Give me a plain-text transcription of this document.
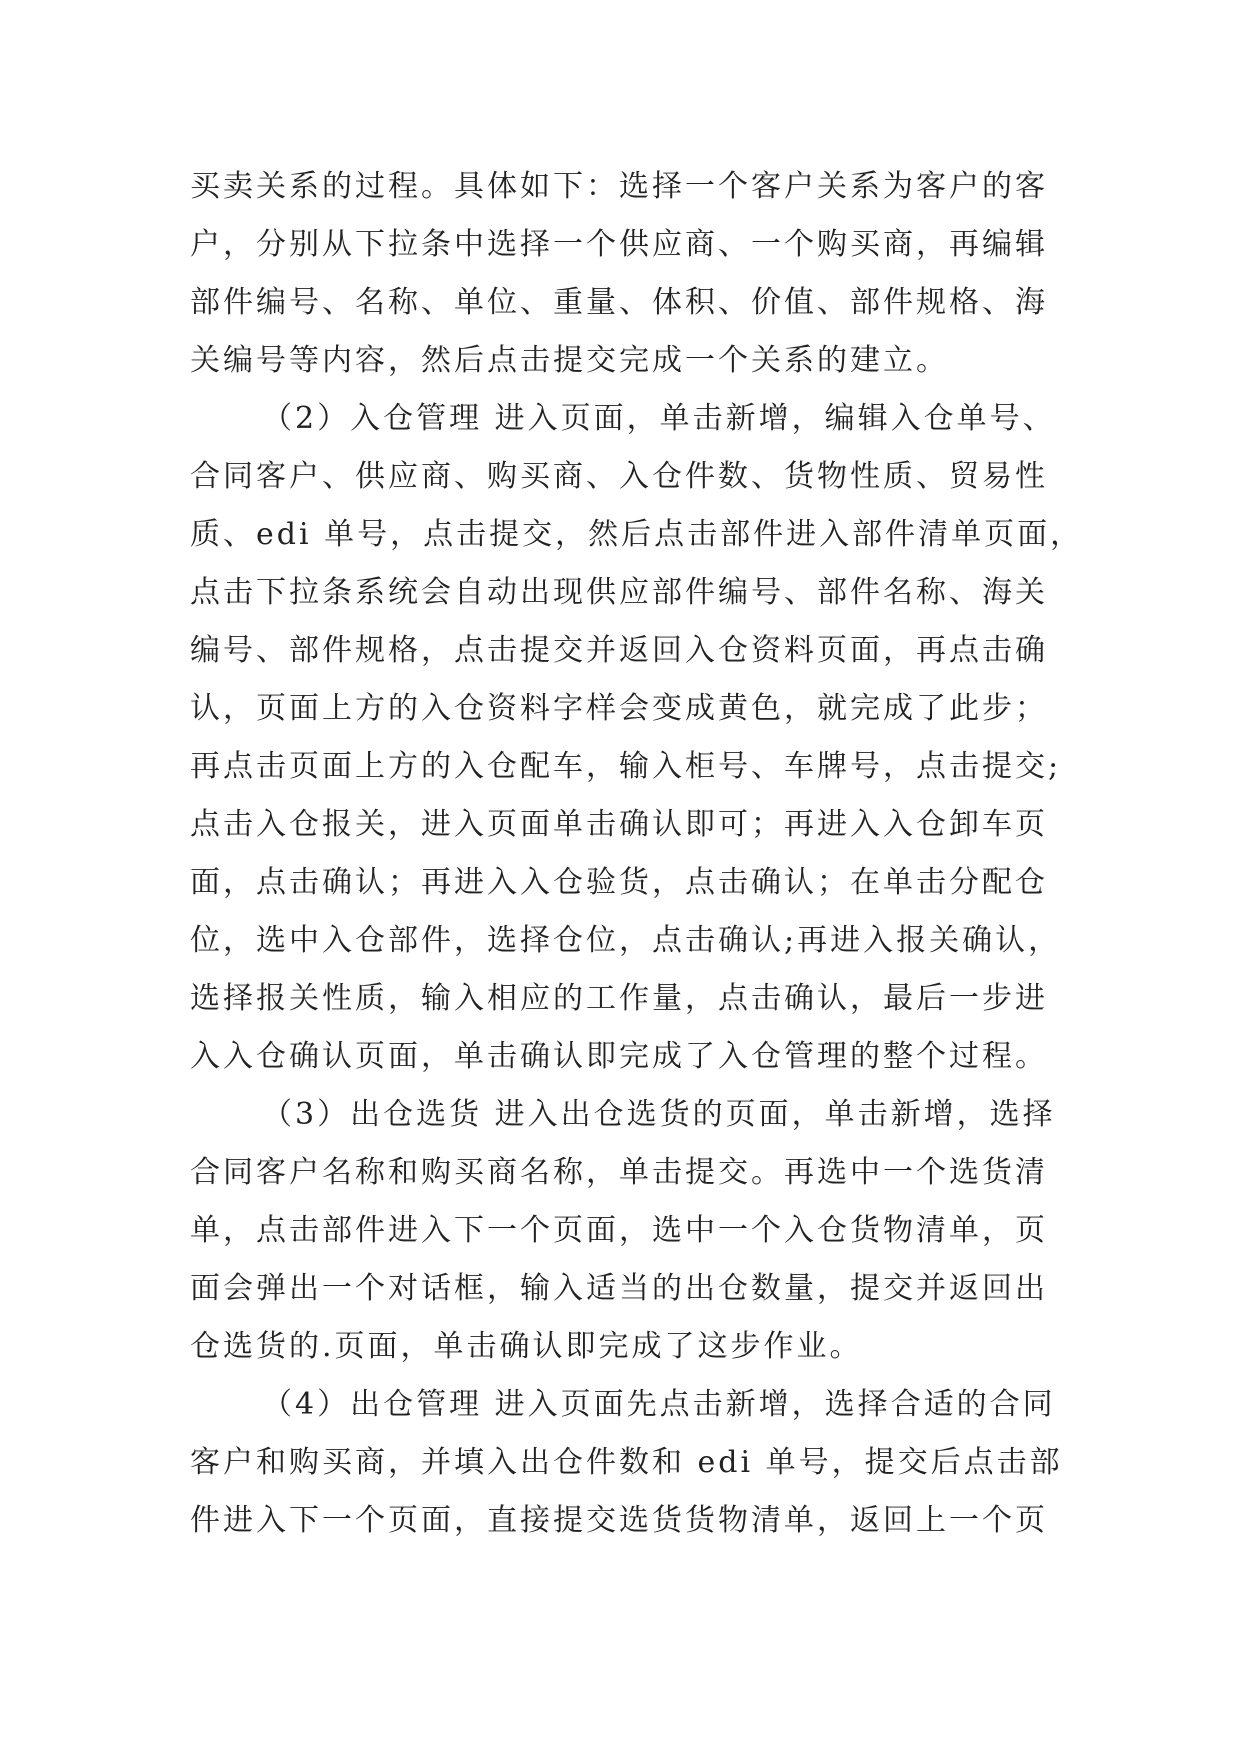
买卖关系的过程。具体如下：选择一个客户关系为客户的客
户，分别从下拉条中选择一个供应商、一个购买商，再编辑
部件编号、名称、单位、重量、体积、价值、部件规格、海
关编号等内容，然后点击提交完成一个关系的建立。
（2）入仓管理 进入页面，单击新增，编辑入仓单号、
合同客户、供应商、购买商、入仓件数、货物性质、贸易性
质、edi 单号，点击提交，然后点击部件进入部件清单页面，
点击下拉条系统会自动出现供应部件编号、部件名称、海关
编号、部件规格，点击提交并返回入仓资料页面，再点击确
认，页面上方的入仓资料字样会变成黄色，就完成了此步；
再点击页面上方的入仓配车，输入柜号、车牌号，点击提交;
点击入仓报关，进入页面单击确认即可；再进入入仓卸车页
面，点击确认；再进入入仓验货，点击确认；在单击分配仓
位，选中入仓部件，选择仓位，点击确认;再进入报关确认，
选择报关性质，输入相应的工作量，点击确认，最后一步进
入入仓确认页面，单击确认即完成了入仓管理的整个过程。
（3）出仓选货 进入出仓选货的页面，单击新增，选择
合同客户名称和购买商名称，单击提交。再选中一个选货清
单，点击部件进入下一个页面，选中一个入仓货物清单，页
面会弹出一个对话框，输入适当的出仓数量，提交并返回出
仓选货的.页面，单击确认即完成了这步作业。
（4）出仓管理 进入页面先点击新增，选择合适的合同
客户和购买商，并填入出仓件数和 edi 单号，提交后点击部
件进入下一个页面，直接提交选货货物清单，返回上一个页
